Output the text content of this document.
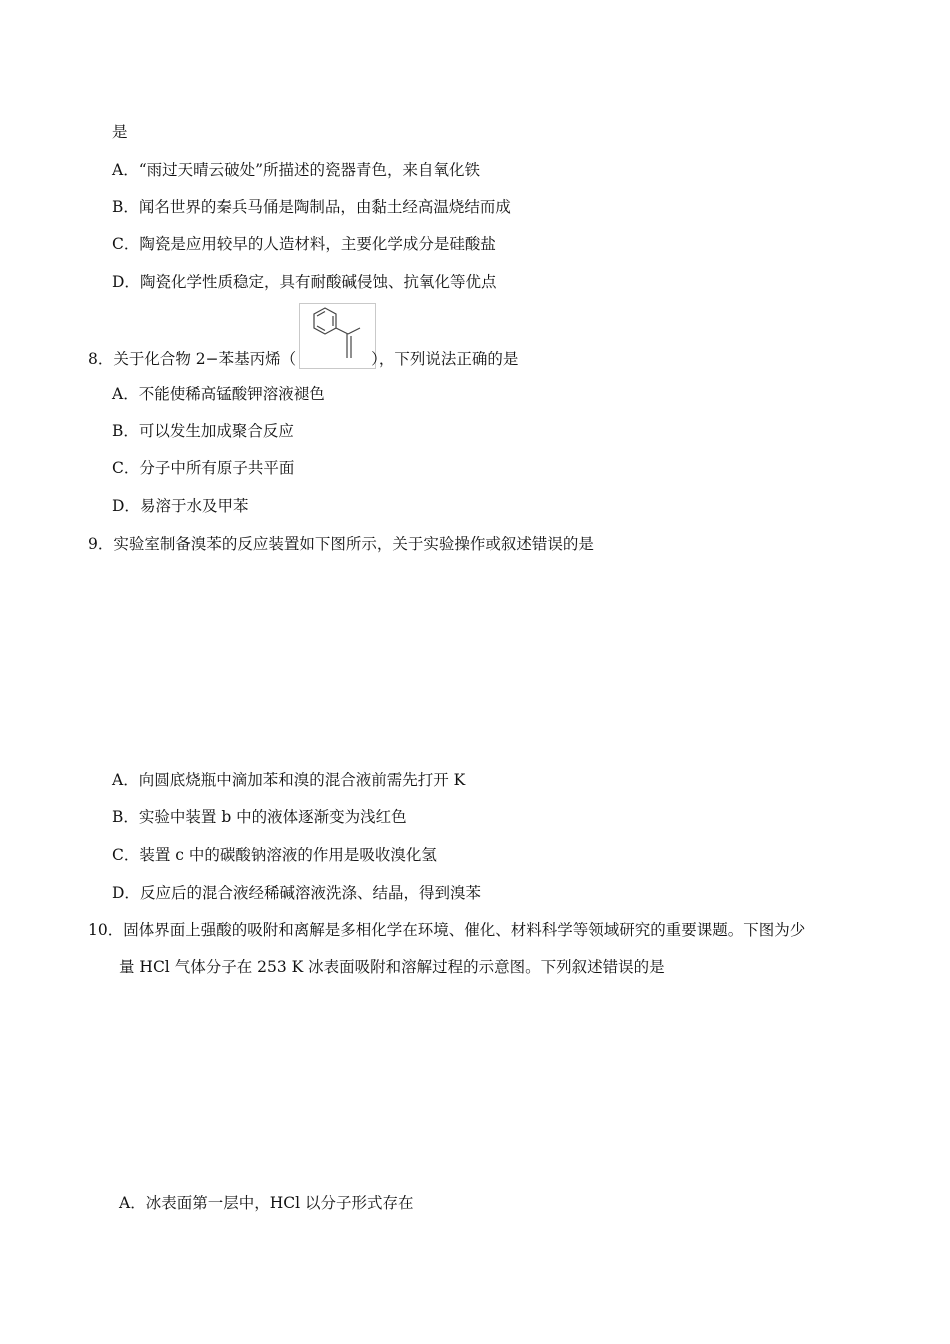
是
A．“雨过天晴云破处”所描述的瓷器青色，来自氧化铁
B．闻名世界的秦兵马俑是陶制品，由黏土经高温烧结而成
C．陶瓷是应用较早的人造材料，主要化学成分是硅酸盐
D．陶瓷化学性质稳定，具有耐酸碱侵蚀、抗氧化等优点
8．关于化合物 2−苯基丙烯（	），下列说法正确的是
A．不能使稀高锰酸钾溶液褪色
B．可以发生加成聚合反应
C．分子中所有原子共平面
D．易溶于水及甲苯
9．实验室制备溴苯的反应装置如下图所示，关于实验操作或叙述错误的是
A．向圆底烧瓶中滴加苯和溴的混合液前需先打开 K
B．实验中装置 b 中的液体逐渐变为浅红色
C．装置 c 中的碳酸钠溶液的作用是吸收溴化氢
D．反应后的混合液经稀碱溶液洗涤、结晶，得到溴苯
10．固体界面上强酸的吸附和离解是多相化学在环境、催化、材料科学等领域研究的重要课题。下图为少
量 HCl 气体分子在 253 K 冰表面吸附和溶解过程的示意图。下列叙述错误的是
A．冰表面第一层中，HCl 以分子形式存在
